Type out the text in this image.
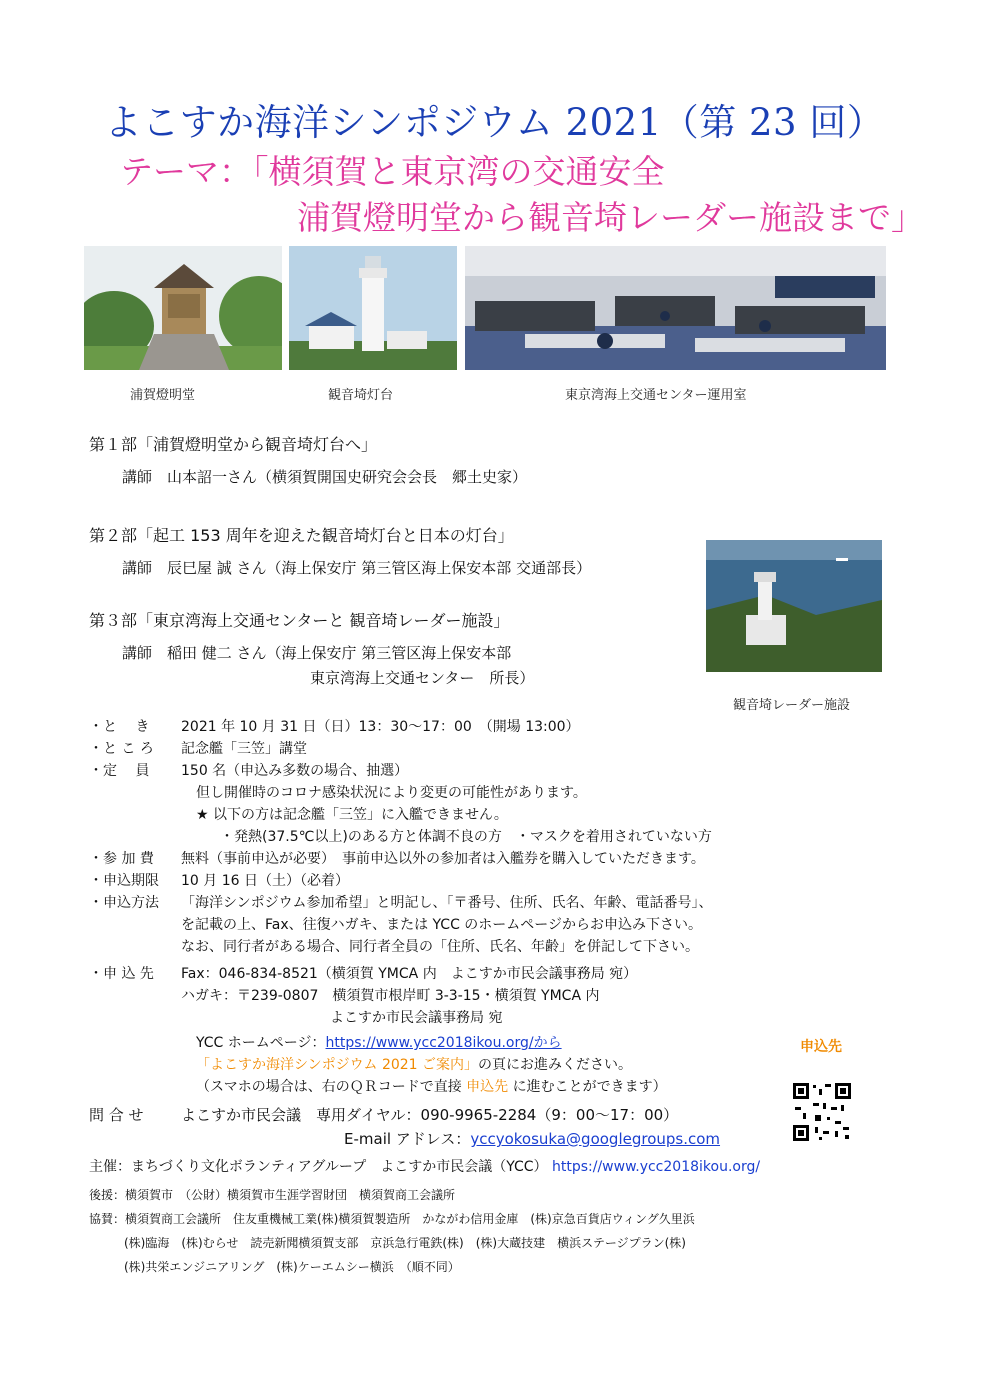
よこすか海洋シンポジウム 2021（第 23 回）
テーマ：「横須賀と東京湾の交通安全
浦賀燈明堂から観音埼レーダー施設まで」
浦賀燈明堂	観音埼灯台	東京湾海上交通センター運用室
観音埼レーダー施設
第１部「浦賀燈明堂から観音埼灯台へ」
講師　山本詔一さん（横須賀開国史研究会会長　郷土史家）
第２部「起工 153 周年を迎えた観音埼灯台と日本の灯台」
講師　辰巳屋 誠 さん（海上保安庁 第三管区海上保安本部 交通部長）
第３部「東京湾海上交通センターと 観音埼レーダー施設」
講師　稲田 健二 さん（海上保安庁 第三管区海上保安本部
東京湾海上交通センター　所長）
・と　 き 2021 年 10 月 31 日（日）13：30～17：00　（開場 13:00）
・と こ ろ 記念艦「三笠」講堂
・定　 員 150 名（申込み多数の場合、抽選）
但し開催時のコロナ感染状況により変更の可能性があります。
★ 以下の方は記念艦「三笠」に入艦できません。
・発熱(37.5℃以上)のある方と体調不良の方　・マスクを着用されていない方
・参 加 費 無料（事前申込が必要）　事前申込以外の参加者は入艦券を購入していただきます。
・申込期限 10 月 16 日（土）（必着）
・申込方法 「海洋シンポジウム参加希望」と明記し、「〒番号、住所、氏名、年齢、電話番号」、
を記載の上、Fax、往復ハガキ、または YCC のホームページからお申込み下さい。
なお、同行者がある場合、同行者全員の「住所、氏名、年齢」を併記して下さい。
・申 込 先 Fax：046-834-8521（横須賀 YMCA 内　よこすか市民会議事務局 宛）
ハガキ：〒239-0807　横須賀市根岸町 3-3-15・横須賀 YMCA 内
よこすか市民会議事務局 宛
YCC ホームページ：https://www.ycc2018ikou.org/から
「よこすか海洋シンポジウム 2021 ご案内」の頁にお進みください。
（スマホの場合は、右のＱＲコードで直接 申込先 に進むことができます）
申込先
問 合 せ よこすか市民会議　専用ダイヤル：090-9965-2284（9：00～17：00）
E-mail アドレス：yccyokosuka@googlegroups.com
主催：まちづくり文化ボランティアグループ　よこすか市民会議（YCC） https://www.ycc2018ikou.org/
後援：横須賀市　（公財）横須賀市生涯学習財団　横須賀商工会議所
協賛：横須賀商工会議所　住友重機械工業(株)横須賀製造所　かながわ信用金庫　(株)京急百貨店ウィング久里浜
(株)臨海　(株)むらせ　読売新聞横須賀支部　京浜急行電鉄(株)　(株)大蔵技建　横浜ステージプラン(株)
(株)共栄エンジニアリング　(株)ケーエムシー横浜　（順不同）
